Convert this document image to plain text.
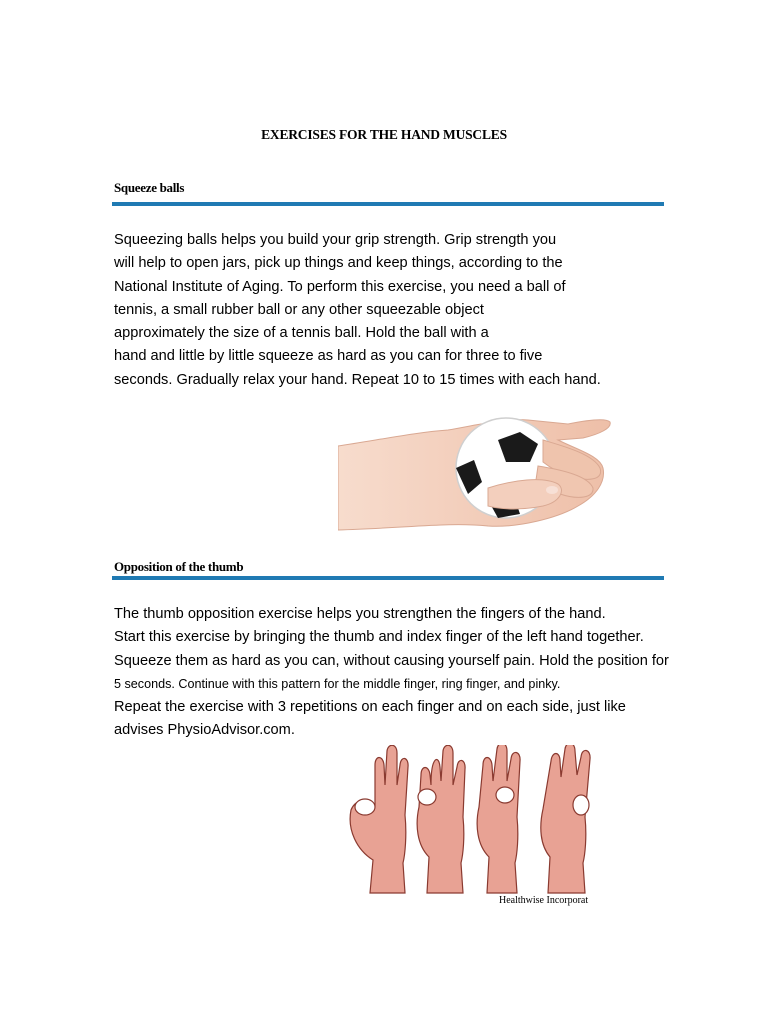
EXERCISES FOR THE HAND MUSCLES
Squeeze balls
Squeezing balls helps you build your grip strength. Grip strength you
will help to open jars, pick up things and keep things, according to the
National Institute of Aging. To perform this exercise, you need a ball of
tennis, a small rubber ball or any other squeezable object
approximately the size of a tennis ball. Hold the ball with a
hand and little by little squeeze as hard as you can for three to five
seconds. Gradually relax your hand. Repeat 10 to 15 times with each hand.
Opposition of the thumb
The thumb opposition exercise helps you strengthen the fingers of the hand.
Start this exercise by bringing the thumb and index finger of the left hand together.
Squeeze them as hard as you can, without causing yourself pain. Hold the position for
5 seconds. Continue with this pattern for the middle finger, ring finger, and pinky.
Repeat the exercise with 3 repetitions on each finger and on each side, just like
advises PhysioAdvisor.com.
Healthwise Incorporat
